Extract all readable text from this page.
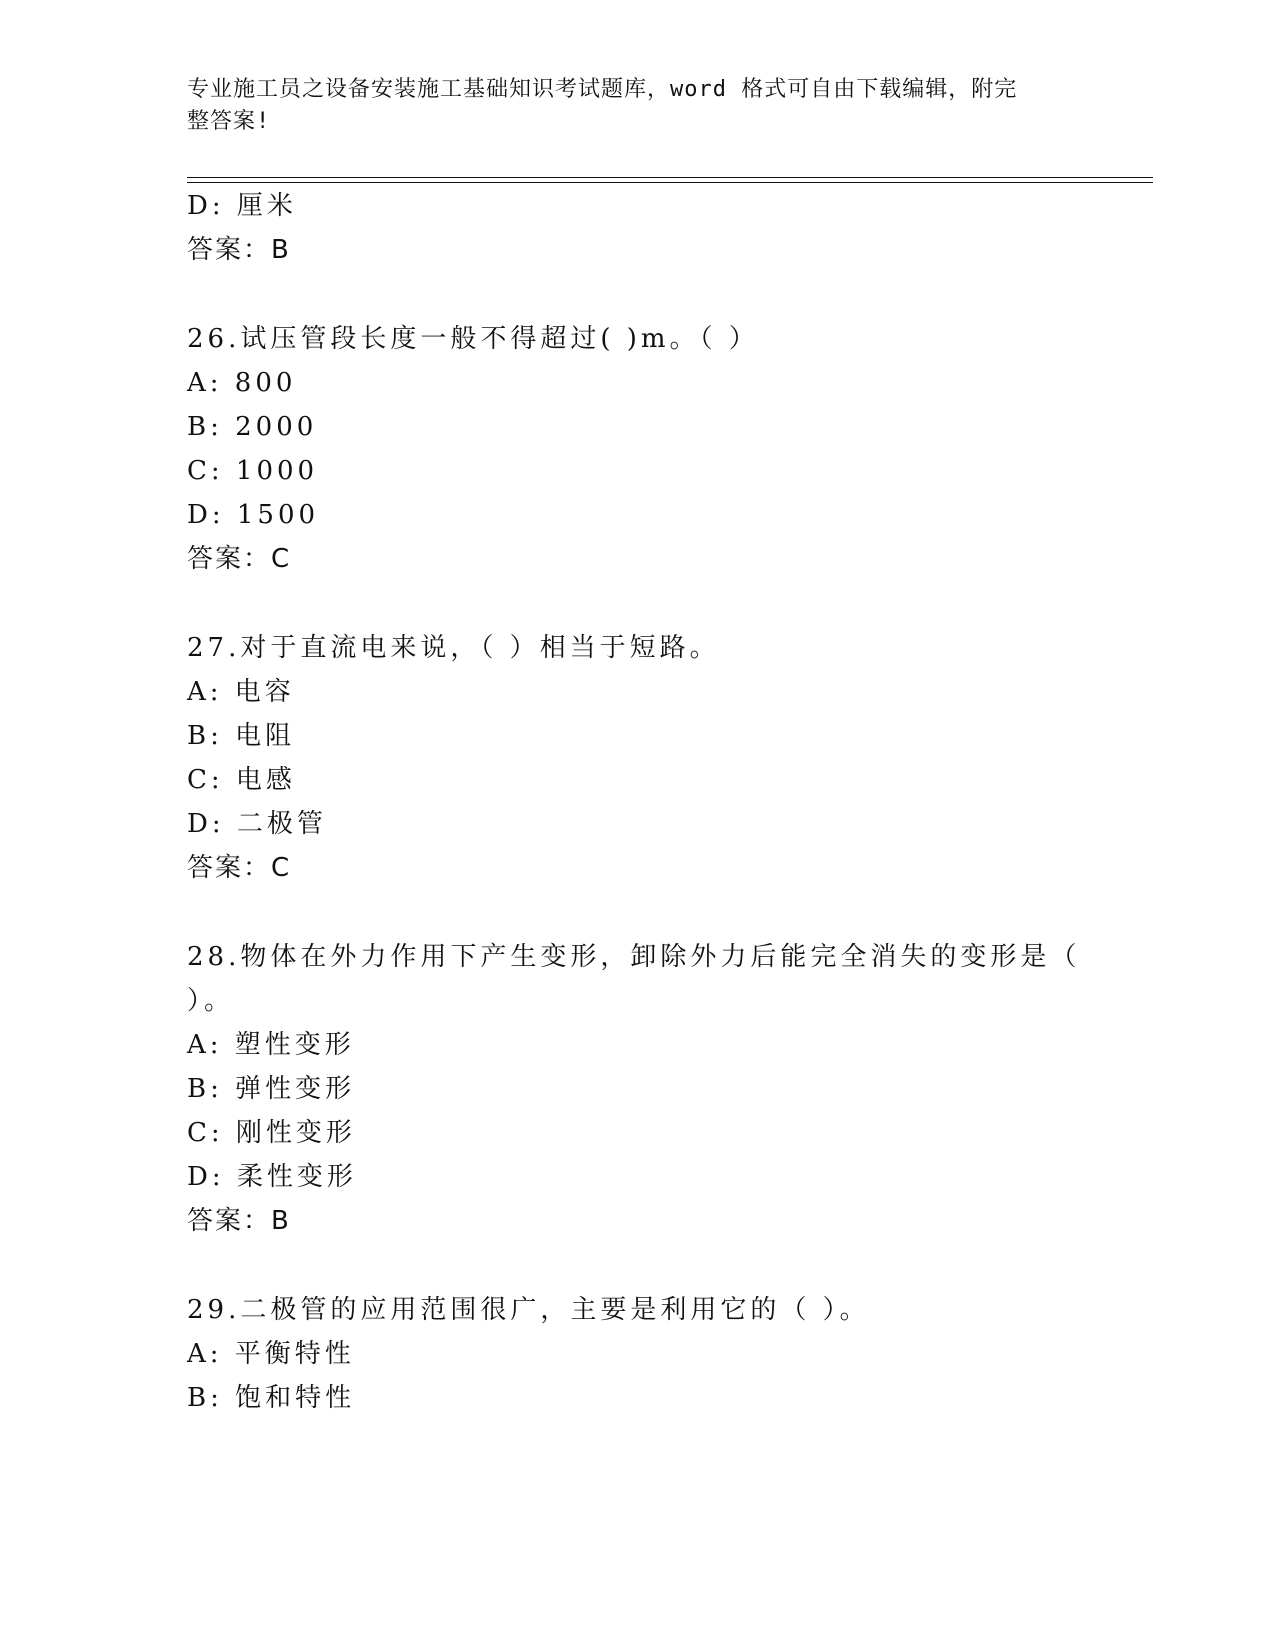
专业施工员之设备安装施工基础知识考试题库，word 格式可自由下载编辑，附完
整答案!
D: 厘米
答案：B
26.试压管段长度一般不得超过( )m。（ ）
A: 800
B: 2000
C: 1000
D: 1500
答案：C
27.对于直流电来说，（ ）相当于短路。
A: 电容
B: 电阻
C: 电感
D: 二极管
答案：C
28.物体在外力作用下产生变形，卸除外力后能完全消失的变形是（
）。
A: 塑性变形
B: 弹性变形
C: 刚性变形
D: 柔性变形
答案：B
29.二极管的应用范围很广，主要是利用它的（ ）。
A: 平衡特性
B: 饱和特性
